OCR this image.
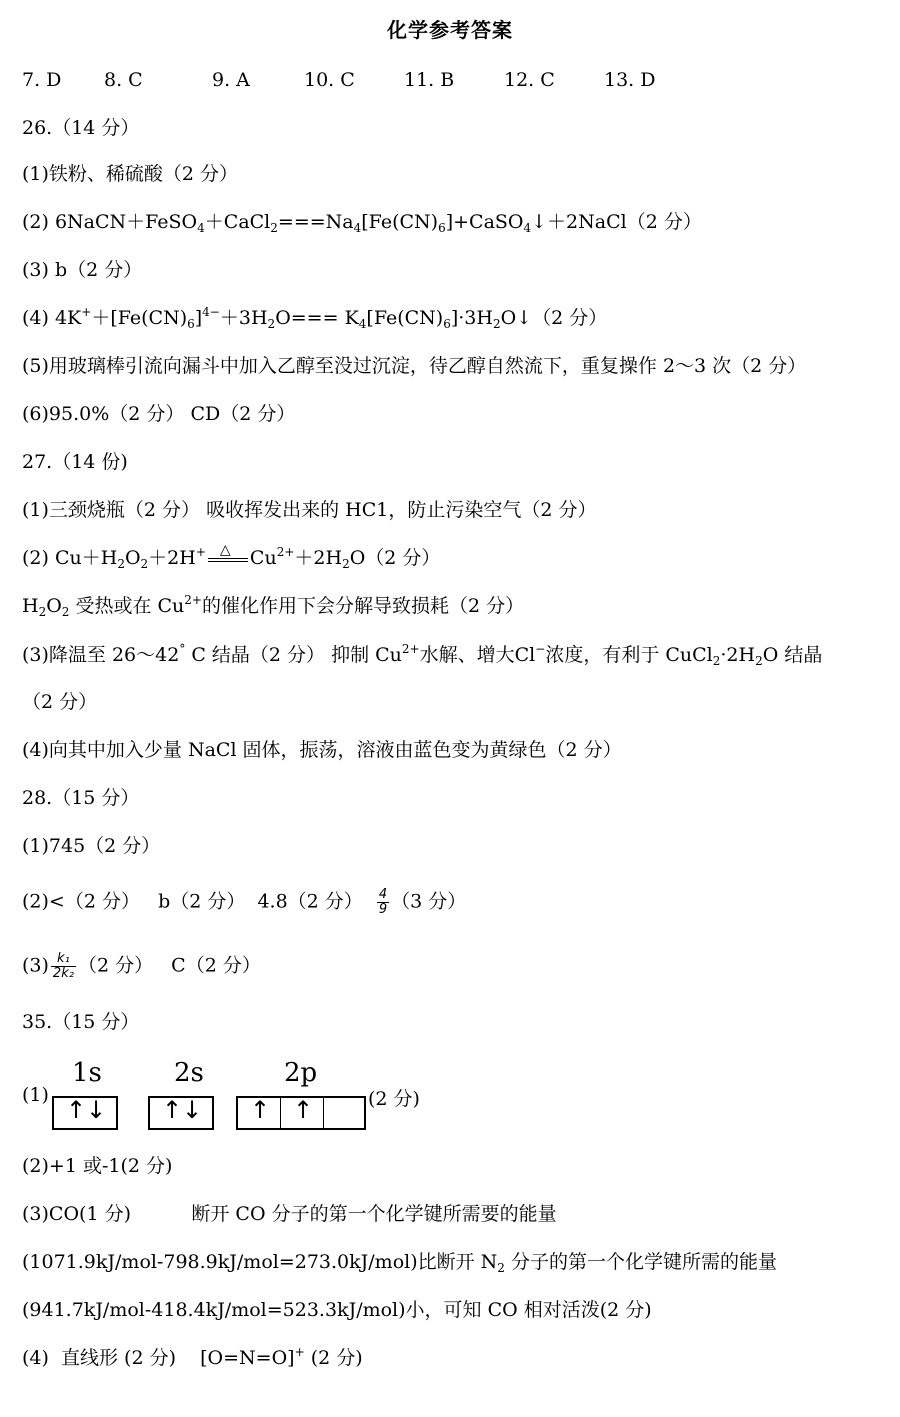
化学参考答案
7. D 8. C	9. A	10. C	11. B	12. C	13. D
26.（14 分）
(1)铁粉、稀硫酸（2 分）
(2) $6NaCN+FeSO_4+CaCl_2===Na_4[Fe(CN)_6]+CaSO_4↓+2NaCl(2$ 分）
(3) b（2 分）
(4) $4K^++[Fe(CN)_6]^{4-}+3H_2O===$ $K_4[Fe(CN)_6]\cdot 3H_2O↓(2$ 分）
(5)用玻璃棒引流向漏斗中加入乙醇至没过沉淀，待乙醇自然流下，重复操作 2～3 次（2 分）
(6)95.0%（2 分） CD（2 分）
27.（14 份)
(1)三颈烧瓶（2 分） 吸收挥发出来的 HC1，防止污染空气（2 分）
(2) $Cu+H_2O_2+2H^+$ △ $Cu^{2+}+2H_2O(2$ 分）
$H_2O_2$ 受热或在 $Cu^{2+}$的催化作用下会分解导致损耗（2 分）
(3)降温至 26～42° C 结晶（2 分） 抑制 $Cu^{2+}$水解、增大Cl−浓度，有利于 $CuCl_2\cdot 2H_2O$ 结晶
（2 分）
(4)向其中加入少量 NaCl 固体，振荡，溶液由蓝色变为黄绿色（2 分）
28.（15 分）
(1)745（2 分）
(2)<（2 分）   b（2 分）  4.8（2 分） $\frac{4}{9} (3$ 分）
$(3) \frac{\text{k₁}}{\text{2k₂}} (2$ 分）   C（2 分）
35.（15 分）
(1)
1s	2s	2p
↑ ↓ ↑ ↓ ↑ ↑	(2 分)
(2)+1 或-1(2 分)
(3)CO(1 分)          断开 CO 分子的第一个化学键所需要的能量
(1071.9kJ/mol-798.9kJ/mol=273.0kJ/mol)比断开 $N_2$ 分子的第一个化学键所需的能量
(941.7kJ/mol-418.4kJ/mol=523.3kJ/mol)小，可知 CO 相对活泼(2 分)
(4)  直线形 (2 分)    [O=N=O]+ (2 分)
